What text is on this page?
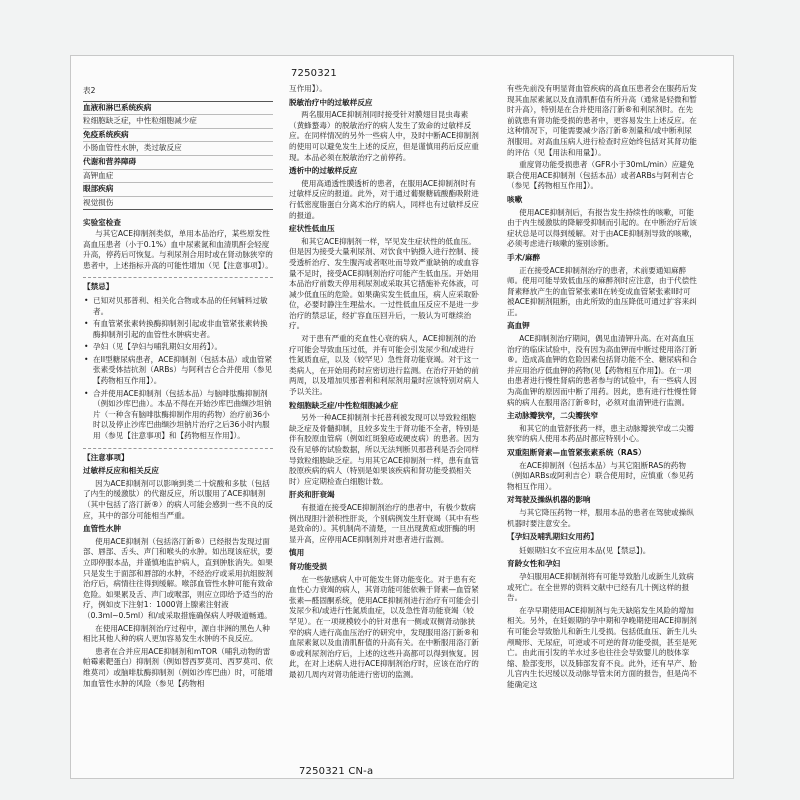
7250321
表2
血液和淋巴系统疾病
粒细胞缺乏症，中性粒细胞减少症
免疫系统疾病
小肠血管性水肿，类过敏反应
代谢和营养障碍
高钾血症
眼部疾病
视觉损伤
实验室检查

与其它ACE抑制剂类似，单用本品治疗，某些原发性高血压患者（小于0.1%）血中尿素氮和血清肌酐会轻度升高，停药后可恢复。与利尿剂合用时或在肾动脉狭窄的患者中，上述指标升高的可能性增加（见【注意事项】）。

【禁忌】
• 已知对贝那普利、相关化合物或本品的任何辅料过敏者。
• 有血管紧张素转换酶抑制剂引起或非血管紧张素转换酶抑制剂引起的血管性水肿病史者。
• 孕妇（见【孕妇与哺乳期妇女用药】）。
• 在II型糖尿病患者，ACE抑制剂（包括本品）或血管紧张素受体拮抗剂（ARBs）与阿利吉仑合并使用（参见【药物相互作用】）。
• 合并使用ACE抑制剂（包括本品）与脑啡肽酶抑制剂（例如沙库巴曲）。本品不得在开始沙库巴曲缬沙坦钠片（一种含有脑啡肽酶抑制作用的药物）治疗前36小时以及停止沙库巴曲缬沙坦钠片治疗之后36小时内服用（参见【注意事项】和【药物相互作用】）。
【注意事项】
过敏样反应和相关反应

因为ACE抑制剂可以影响到类二十烷酸和多肽（包括了内生的缓激肽）的代谢反应，所以服用了ACE抑制剂（其中包括了洛汀新®）的病人可能会感到一些不良的反应，其中的部分可能相当严重。

血管性水肿

使用ACE抑制剂（包括洛汀新®）已经报告发现过面部、唇部、舌头、声门和喉头的水肿。如出现该症状，要立即停服本品，并谨慎地监护病人，直到肿胀消失。如果只是发生于面部和唇部的水肿，不经治疗或采用抗组胺剂治疗后，病情往往得到缓解。喉部血管性水肿可能有致命危险。如果累及舌、声门或喉部，则应立即给予适当的治疗，例如皮下注射1：1000肾上腺素注射液（0.3ml~0.5ml）和/或采取措施确保病人呼吸道畅通。

在使用ACE抑制剂治疗过程中，源自非洲的黑色人种相比其他人种的病人更加容易发生水肿的不良反应。

患者在合并应用ACE抑制剂和mTOR（哺乳动物的雷帕霉素靶蛋白）抑制剂（例如替西罗莫司、西罗莫司、依维莫司）或脑啡肽酶抑制剂（例如沙库巴曲）时，可能增加血管性水肿的风险（参见【药物相

互作用】）。

脱敏治疗中的过敏样反应

两名服用ACE抑制剂同时接受针对膜翅目昆虫毒素（黄蜂螯毒）的脱敏治疗的病人发生了致命的过敏样反应。在同样情况的另外一些病人中，及时中断ACE抑制剂的使用可以避免发生上述的反应，但是谨慎用药后反应重现。本品必须在脱敏治疗之前停药。

透析中的过敏样反应

使用高通透性膜透析的患者，在服用ACE抑制剂时有过敏样反应的报道。此外，对于通过葡聚糖硫酸酯吸附进行低密度脂蛋白分离术治疗的病人，同样也有过敏样反应的报道。

症状性低血压

和其它ACE抑制剂一样，罕见发生症状性的低血压。但是因为接受大量利尿剂、对饮食中钠摄入进行控制、接受透析治疗、发生腹泻或者呕吐而导致严重缺钠的或血容量不足时，接受ACE抑制剂治疗可能产生低血压。开始用本品治疗前数天停用利尿剂或采取其它措施补充体液，可减少低血压的危险。如果确实发生低血压，病人应采取卧位，必要时静注生理盐水。一过性低血压反应不是进一步治疗的禁忌证，经扩容血压回升后，一般认为可继续治疗。

对于患有严重的充血性心衰的病人，ACE抑制剂的治疗可能会导致血压过低，并有可能会引发尿少和/或进行性氮质血症，以及（较罕见）急性肾功能衰竭。对于这一类病人，在开始用药时应密切进行监测。在治疗开始的前两周，以及增加贝那普利和利尿剂用量时应该特别对病人予以关注。

粒细胞缺乏症/中性粒细胞减少症

另外一种ACE抑制剂卡托普利被发现可以导致粒细胞缺乏症及骨髓抑制，且较多发生于肾功能不全者，特别是伴有胶原血管病（例如红斑狼疮或硬皮病）的患者。因为没有足够的试验数据，所以无法判断贝那普利是否会同样导致粒细胞缺乏症。与用其它ACE抑制剂一样，患有血管胶原疾病的病人（特别是如果该疾病和肾功能受损相关时）应定期检查白细胞计数。

肝炎和肝衰竭

有报道在接受ACE抑制剂治疗的患者中，有极少数病例出现胆汁淤积性肝炎，个别病例发生肝衰竭（其中有些是致命的）。其机制尚不清楚，一旦出现黄疸或肝酶的明显升高，应停用ACE抑制剂并对患者进行监测。

慎用
肾功能受损

在一些敏感病人中可能发生肾功能变化。对于患有充血性心力衰竭的病人，其肾功能可能依赖于肾素—血管紧张素—醛固酮系统，使用ACE抑制剂进行治疗有可能会引发尿少和/或进行性氮质血症，以及急性肾功能衰竭（较罕见）。在一项规模较小的针对患有一侧或双侧肾动脉狭窄的病人进行高血压治疗的研究中，发现服用洛汀新®和血尿素氮以及血清肌酐值的升高有关。在中断服用洛汀新®或利尿剂治疗后，上述的这些升高都可以得到恢复。因此，在对上述病人进行ACE抑制剂治疗时，应该在治疗的最初几周内对肾功能进行密切的监测。

有些先前没有明显肾血管疾病的高血压患者会在服药后发现其血尿素氮以及血清肌酐值有所升高（通常是轻微和暂时升高），特别是在合并使用洛汀新®和利尿剂时。在先前就患有肾功能受损的患者中，更容易发生上述反应。在这种情况下，可能需要减少洛汀新®剂量和/或中断利尿剂服用。对高血压病人进行检查时应始终包括对其肾功能的评估（见【用法和用量】）。

重度肾功能受损患者（GFR小于30mL/min）应避免联合使用ACE抑制剂（包括本品）或者ARBs与阿利吉仑（参见【药物相互作用】）。

咳嗽

使用ACE抑制剂后，有报告发生持续性的咳嗽，可能由于内生缓激肽的降解受抑制而引起的。在中断治疗后该症状总是可以得到缓解。对于由ACE抑制剂导致的咳嗽，必须考虑进行咳嗽的鉴别诊断。

手术/麻醉

正在接受ACE抑制剂治疗的患者，术前要通知麻醉师。使用可能导致低血压的麻醉剂时应注意，由于代偿性肾素释放产生的血管紧张素II在转变成血管紧张素II时可被ACE抑制剂阻断，由此所致的血压降低可通过扩容来纠正。

高血钾

ACE抑制剂治疗期间，偶见血清钾升高。在对高血压治疗的临床试验中，没有因为高血钾而中断过使用洛汀新®。造成高血钾的危险因素包括肾功能不全、糖尿病和合并应用治疗低血钾的药物(见【药物相互作用】)。在一项由患者进行慢性肾病的患者参与的试验中，有一些病人因为高血钾的原因而中断了用药。因此，患有进行性慢性肾病的病人在服用洛汀新®时，必须对血清钾进行监测。

主动脉瓣狭窄，二尖瓣狭窄

和其它的血管舒张药一样，患主动脉瓣狭窄或二尖瓣狭窄的病人使用本药品时都应特别小心。

双重阻断肾素—血管紧张素系统（RAS）

在ACE抑制剂（包括本品）与其它阻断RAS的药物（例如ARBs或阿利吉仑）联合使用时，应慎重（参见药物相互作用）。

对驾驶及操纵机器的影响

与其它降压药物一样，服用本品的患者在驾驶或操纵机器时要注意安全。

【孕妇及哺乳期妇女用药】

妊娠期妇女不宜应用本品(见【禁忌】)。

育龄女性和孕妇

孕妇服用ACE抑制剂将有可能导致胎儿或新生儿致病或死亡。在全世界的资料文献中已经有几十例这样的报告。

在孕早期使用ACE抑制剂与先天缺陷发生风险的增加相关。另外，在妊娠期的孕中期和孕晚期使用ACE抑制剂有可能会导致胎儿和新生儿受损。包括低血压、新生儿头颅畸形、无尿症，可逆或不可逆的肾功能受损，甚至是死亡。由此而引发的羊水过多也往往会导致婴儿的肢体挛缩、脸部变形，以及肺部发育不良。此外，还有早产、胎儿宫内生长迟缓以及动脉导管未闭方面的报告，但是尚不能确定这

7250321 CN-a
